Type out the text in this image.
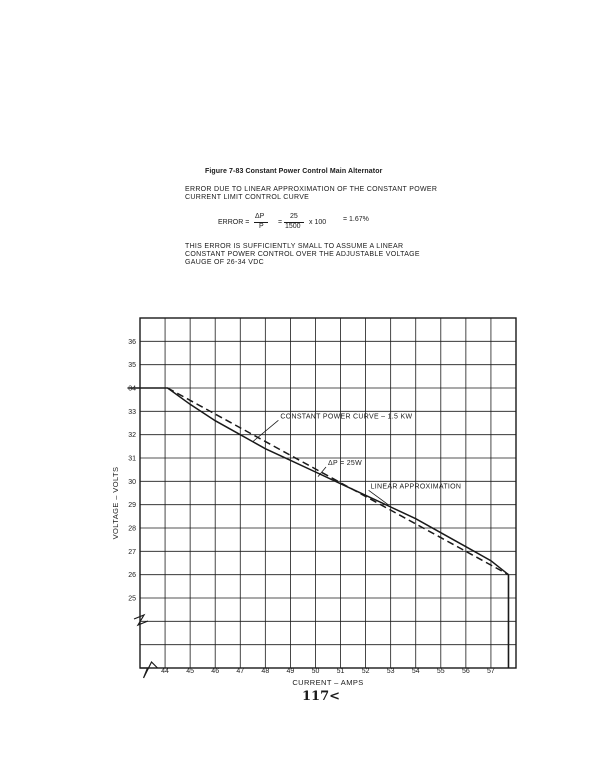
Figure 7-83 Constant Power Control Main Alternator
ERROR DUE TO LINEAR APPROXIMATION OF THE CONSTANT POWER CURRENT LIMIT CONTROL CURVE
ERROR =
ΔP
P
=
25
1500
x 100 = 1.67%
THIS ERROR IS SUFFICIENTLY SMALL TO ASSUME A LINEAR CONSTANT POWER CONTROL OVER THE ADJUSTABLE VOLTAGE GAUGE OF 26-34 VDC
25
26
27
28
29
30
31
32
33
34
35
36
44 45 46 47 48 49 50 51 52 53 54 55 56 57
CONSTANT POWER CURVE – 1.5 KW
ΔP = 25W
LINEAR APPROXIMATION
CURRENT – AMPS
VOLTAGE – VOLTS
117<
